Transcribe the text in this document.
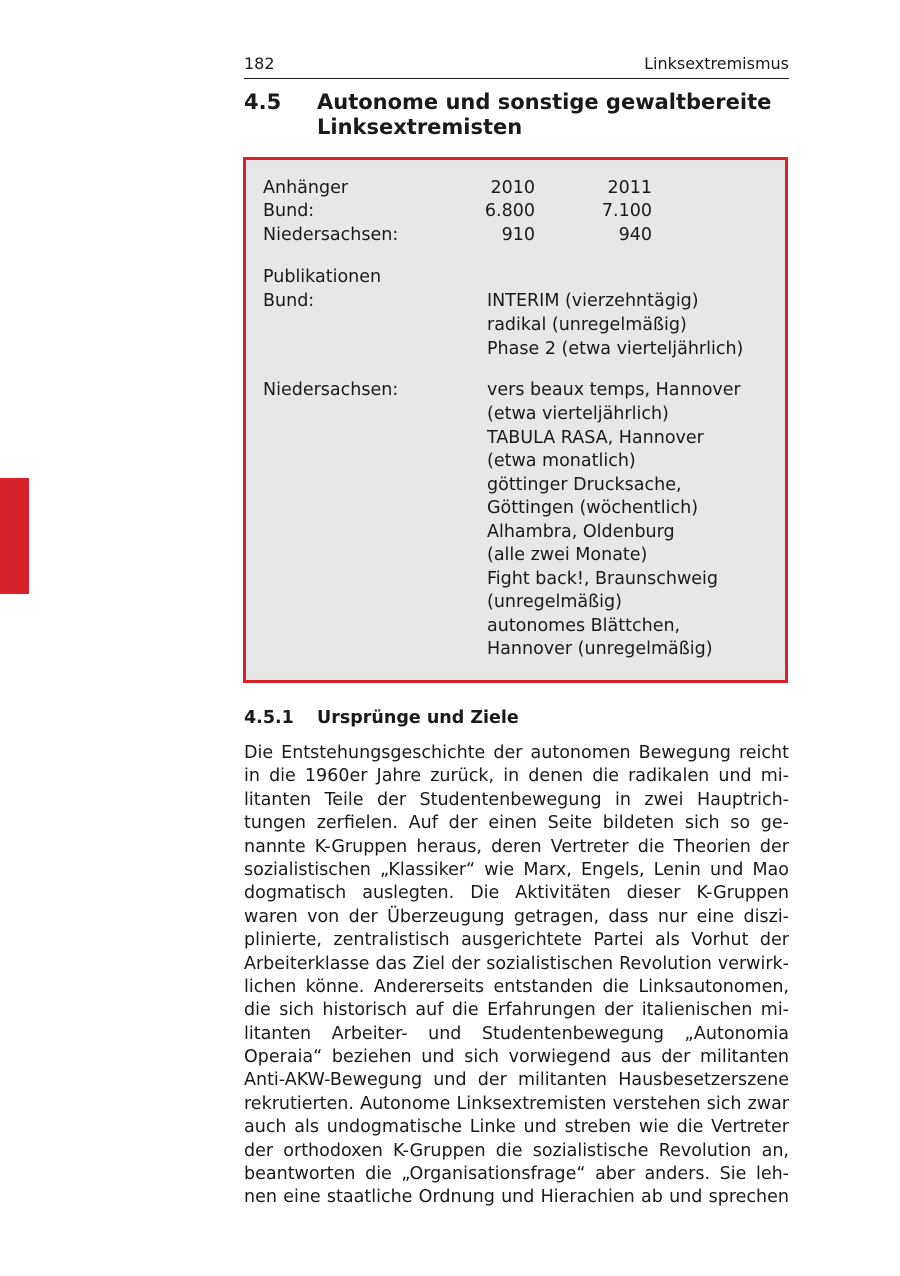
182	Linksextremismus
4.5 Autonome und sonstige gewaltbereite
Linksextremisten
Anhänger	2010	2011
Bund:	6.800	7.100
Niedersachsen:	910	940
Publikationen
Bund:	INTERIM (vierzehntägig)
radikal (unregelmäßig)
Phase 2 (etwa vierteljährlich)
Niedersachsen:	vers beaux temps, Hannover
(etwa vierteljährlich)
TABULA RASA, Hannover
(etwa monatlich)
göttinger Drucksache,
Göttingen (wöchentlich)
Alhambra, Oldenburg
(alle zwei Monate)
Fight back!, Braunschweig
(unregelmäßig)
autonomes Blättchen,
Hannover (unregelmäßig)
4.5.1 Ursprünge und Ziele
Die Entstehungsgeschichte der autonomen Bewegung reicht
in die 1960er Jahre zurück, in denen die radikalen und mi-
litanten Teile der Studentenbewegung in zwei Hauptrich-
tungen zerfielen. Auf der einen Seite bildeten sich so ge-
nannte K-Gruppen heraus, deren Vertreter die Theorien der
sozialistischen „Klassiker“ wie Marx, Engels, Lenin und Mao
dogmatisch auslegten. Die Aktivitäten dieser K-Gruppen
waren von der Überzeugung getragen, dass nur eine diszi-
plinierte, zentralistisch ausgerichtete Partei als Vorhut der
Arbeiterklasse das Ziel der sozialistischen Revolution verwirk-
lichen könne. Andererseits entstanden die Linksautonomen,
die sich historisch auf die Erfahrungen der italienischen mi-
litanten Arbeiter- und Studentenbewegung „Autonomia
Operaia“ beziehen und sich vorwiegend aus der militanten
Anti-AKW-Bewegung und der militanten Hausbesetzerszene
rekrutierten. Autonome Linksextremisten verstehen sich zwar
auch als undogmatische Linke und streben wie die Vertreter
der orthodoxen K-Gruppen die sozialistische Revolution an,
beantworten die „Organisationsfrage“ aber anders. Sie leh-
nen eine staatliche Ordnung und Hierachien ab und sprechen
